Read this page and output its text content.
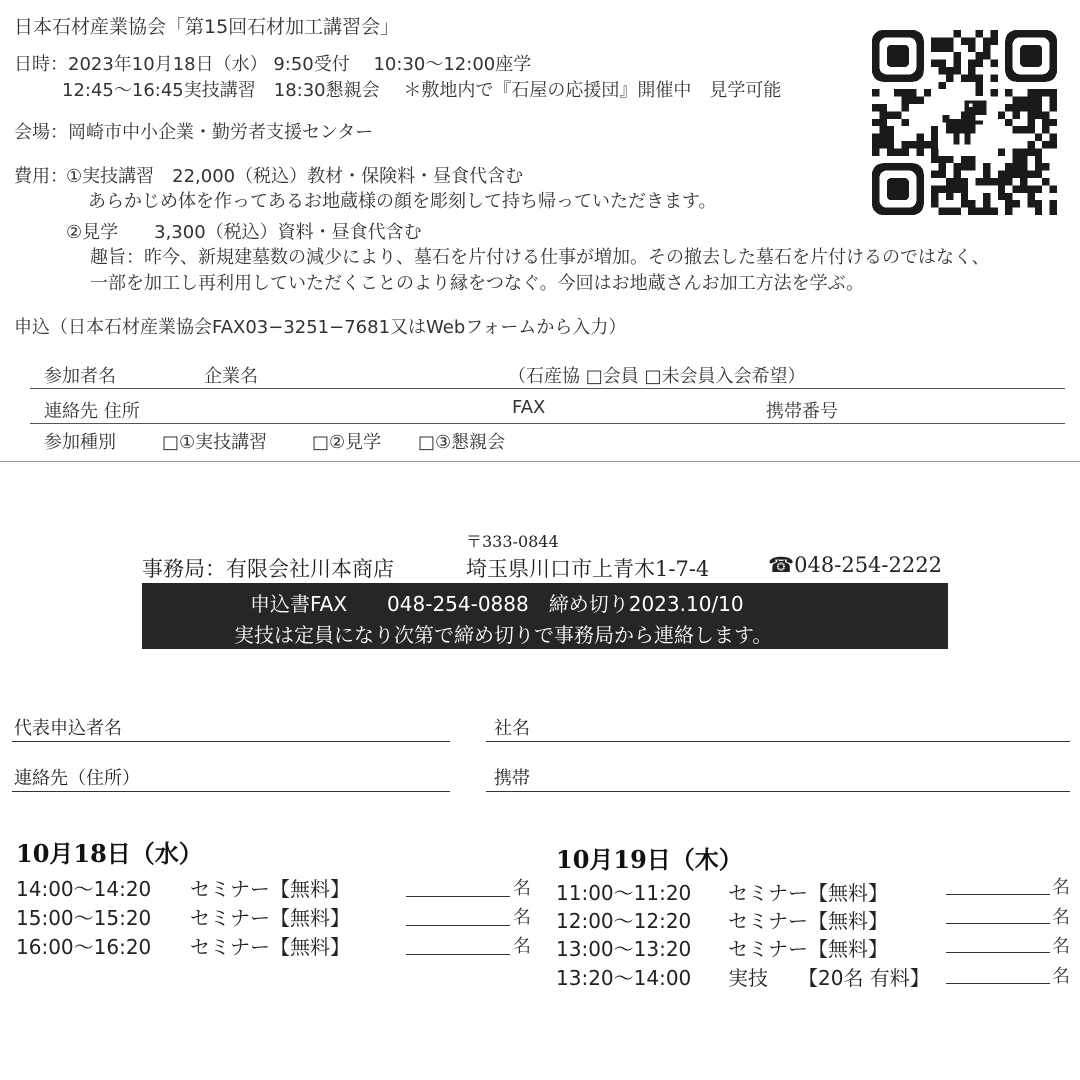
日本石材産業協会「第15回石材加工講習会」
日時：2023年10月18日（水） 9:50受付　 10:30〜12:00座学
12:45〜16:45実技講習　18:30懇親会　 ＊敷地内で『石屋の応援団』開催中　見学可能
会場：岡崎市中小企業・勤労者支援センター
費用：
①実技講習　22,000（税込）教材・保険料・昼食代含む
あらかじめ体を作ってあるお地蔵様の顔を彫刻して持ち帰っていただきます。
②見学　　3,300（税込）資料・昼食代含む
趣旨：昨今、新規建墓数の減少により、墓石を片付ける仕事が増加。その撤去した墓石を片付けるのではなく、
一部を加工し再利用していただくことのより縁をつなぐ。今回はお地蔵さんお加工方法を学ぶ。
申込（日本石材産業協会FAX03−3251−7681又はWebフォームから入力）
参加者名	企業名	（石産協 □会員 □未会員入会希望）
連絡先 住所	FAX	携帯番号
参加種別	□①実技講習 □②見学 □③懇親会
〒333-0844
事務局：有限会社川本商店	埼玉県川口市上青木1-7-4	☎048-254-2222
申込書FAX　　048-254-0888　締め切り2023.10/10
実技は定員になり次第で締め切りで事務局から連絡します。
代表申込者名	社名
連絡先（住所）	携帯
10月18日（水）
14:00〜14:20 セミナー【無料】	名
15:00〜15:20 セミナー【無料】	名
16:00〜16:20 セミナー【無料】	名
10月19日（木）
11:00〜11:20 セミナー【無料】	名
12:00〜12:20 セミナー【無料】	名
13:00〜13:20 セミナー【無料】	名
13:20〜14:00 実技　　【20名 有料】	名
